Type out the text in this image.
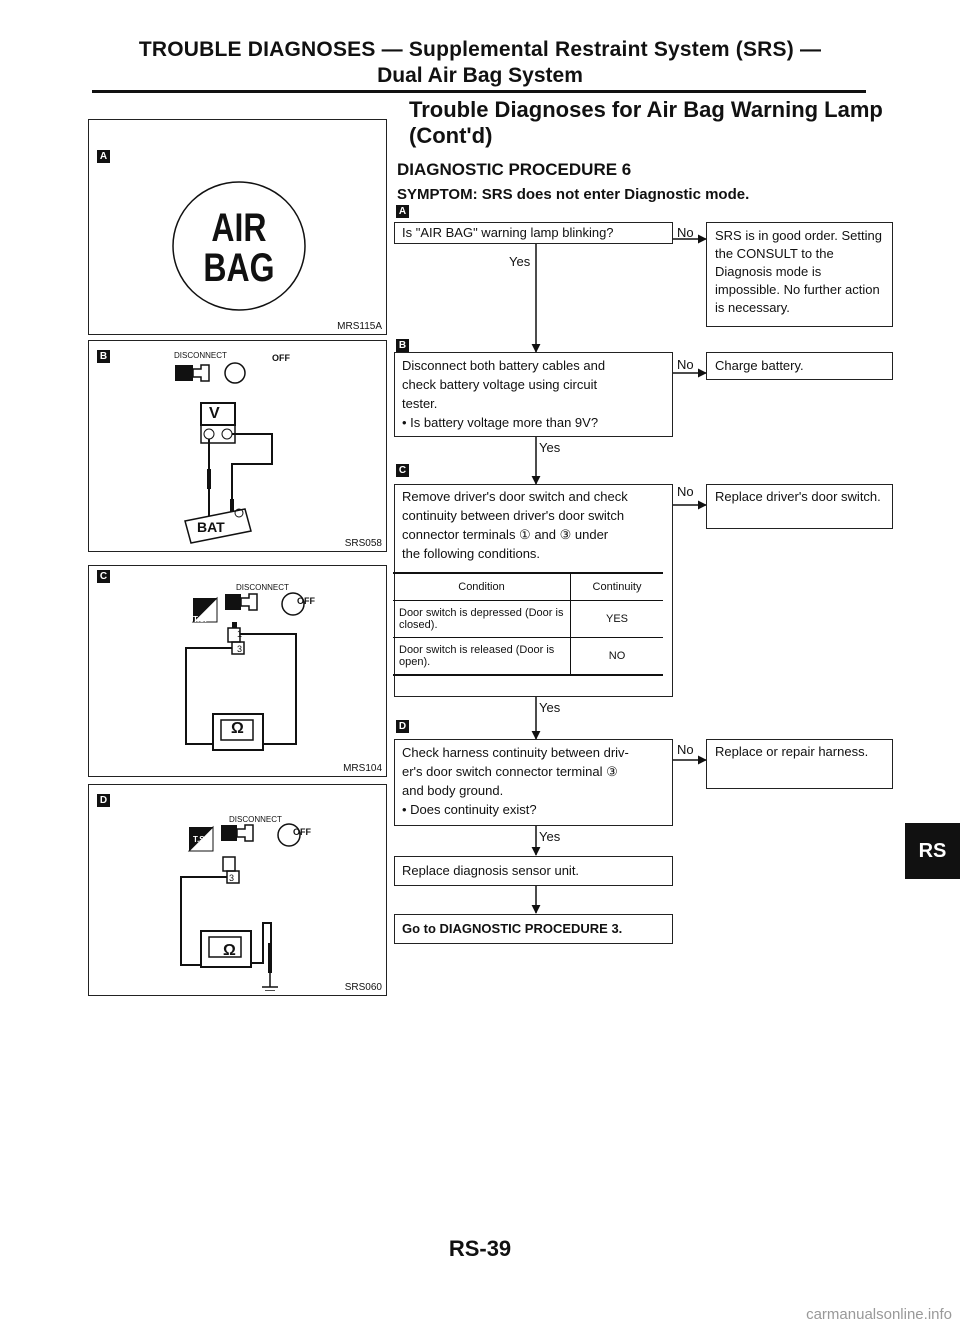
TROUBLE DIAGNOSES — Supplemental Restraint System (SRS) —
Dual Air Bag System
Trouble Diagnoses for Air Bag Warning Lamp
(Cont'd)
DIAGNOSTIC PROCEDURE 6
SYMPTOM: SRS does not enter Diagnostic mode.
A
AIR
BAG
MRS115A
B	DISCONNECT	OFF
V
BAT
SRS058
C
DISCONNECT
T.S.
OFF
1
3
Ω
MRS104
D
DISCONNECT
T.S.
OFF
3
Ω
SRS060
A
Is "AIR BAG" warning lamp blinking?	No
Yes
SRS is in good order. Setting the CONSULT to the Diagnosis mode is impossible. No further action is necessary.
B
Disconnect both battery cables and
check battery voltage using circuit
tester.
• Is battery voltage more than 9V?
No
Yes
Charge battery.
C
Remove driver's door switch and check
continuity between driver's door switch
connector terminals ① and ③ under
the following conditions.
Condition	Continuity
Door switch is depressed (Door is closed).	YES
Door switch is released (Door is open).	NO
No
Yes
Replace driver's door switch.
D
Check harness continuity between driv-
er's door switch connector terminal ③
and body ground.
• Does continuity exist?
No
Yes
Replace or repair harness.
Replace diagnosis sensor unit.
Go to DIAGNOSTIC PROCEDURE 3.
RS
RS-39
carmanualsonline.info
